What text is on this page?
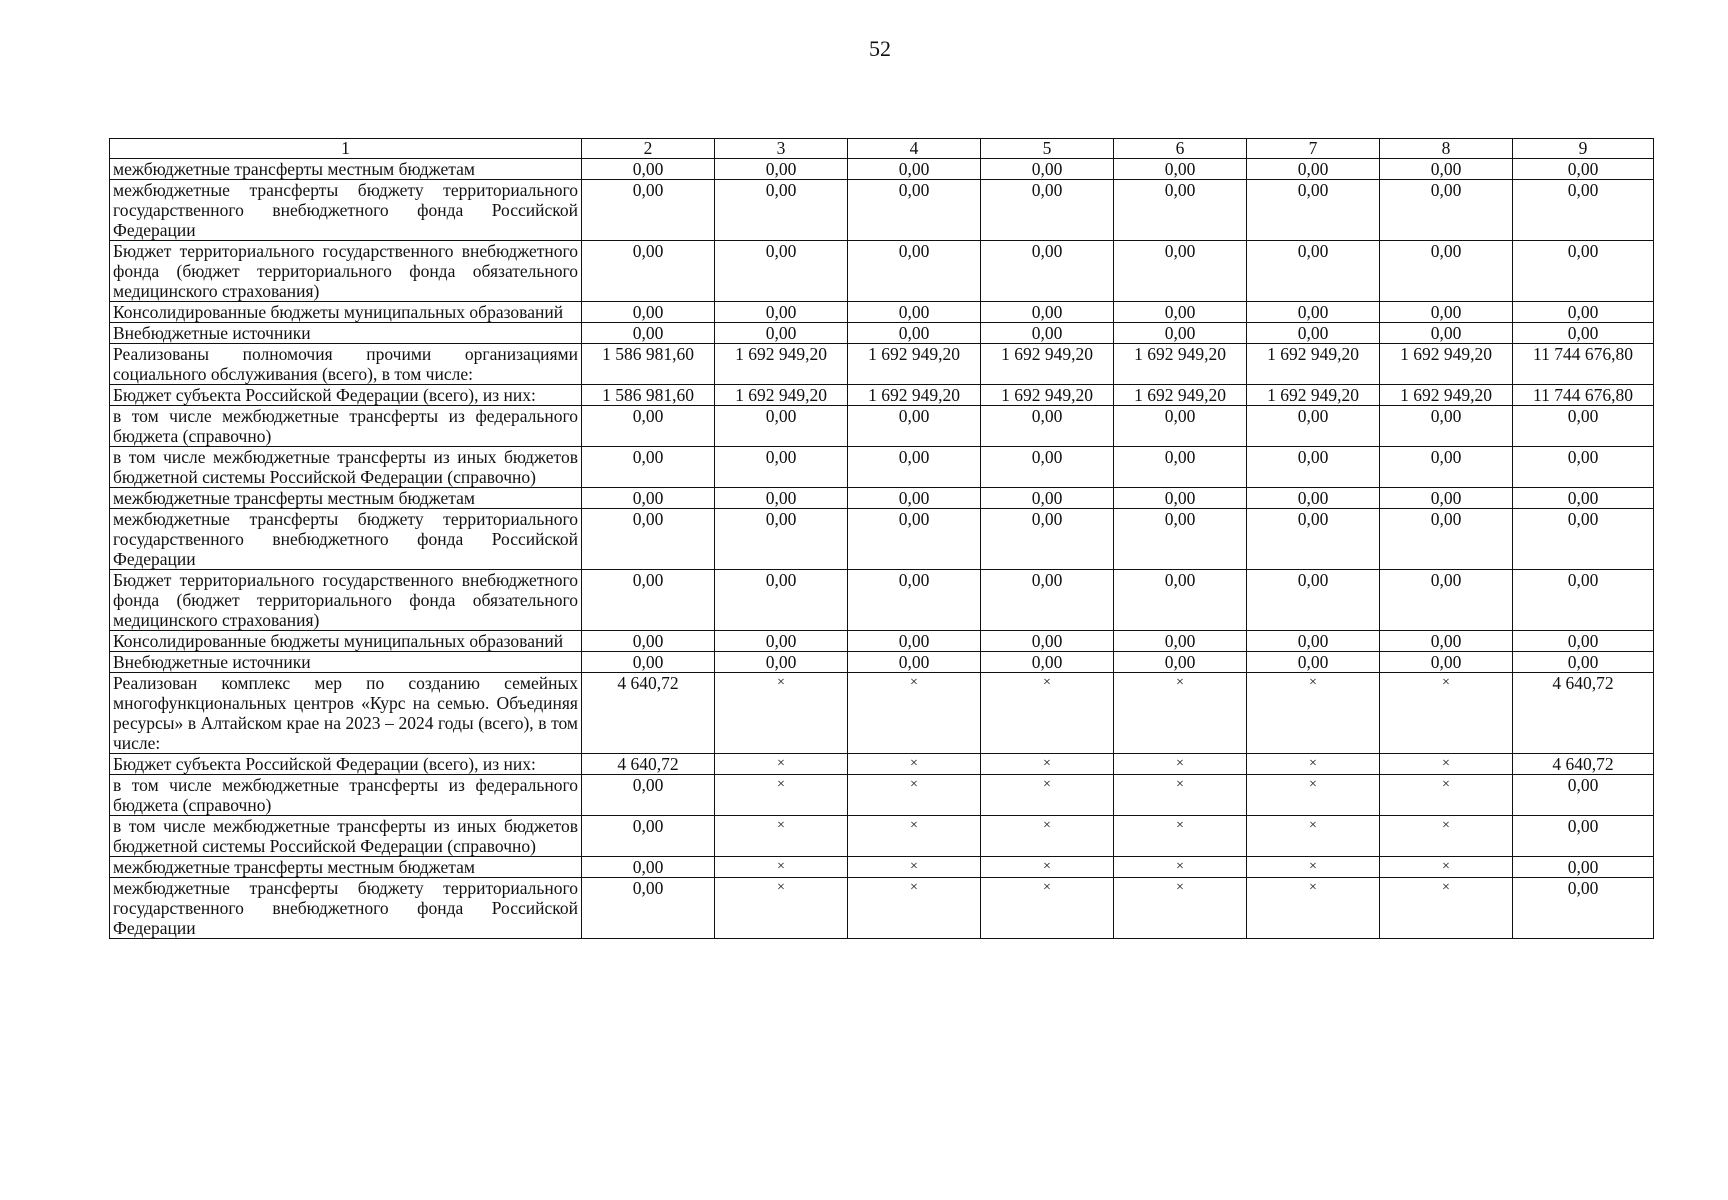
52
1	2	3	4	5	6	7	8	9
межбюджетные трансферты местным бюджетам	0,00	0,00	0,00	0,00	0,00	0,00	0,00	0,00
межбюджетные трансферты бюджету территориального государственного внебюджетного фонда Российской Федерации	0,00	0,00	0,00	0,00	0,00	0,00	0,00	0,00
Бюджет территориального государственного внебюджетного фонда (бюджет территориального фонда обязательного медицинского страхования)	0,00	0,00	0,00	0,00	0,00	0,00	0,00	0,00
Консолидированные бюджеты муниципальных образований	0,00	0,00	0,00	0,00	0,00	0,00	0,00	0,00
Внебюджетные источники	0,00	0,00	0,00	0,00	0,00	0,00	0,00	0,00
Реализованы полномочия прочими организациями социального обслуживания (всего), в том числе:	1 586 981,60	1 692 949,20	1 692 949,20	1 692 949,20	1 692 949,20	1 692 949,20	1 692 949,20	11 744 676,80
Бюджет субъекта Российской Федерации (всего), из них:	1 586 981,60	1 692 949,20	1 692 949,20	1 692 949,20	1 692 949,20	1 692 949,20	1 692 949,20	11 744 676,80
в том числе межбюджетные трансферты из федерального бюджета (справочно)	0,00	0,00	0,00	0,00	0,00	0,00	0,00	0,00
в том числе межбюджетные трансферты из иных бюджетов бюджетной системы Российской Федерации (справочно)	0,00	0,00	0,00	0,00	0,00	0,00	0,00	0,00
межбюджетные трансферты местным бюджетам	0,00	0,00	0,00	0,00	0,00	0,00	0,00	0,00
межбюджетные трансферты бюджету территориального государственного внебюджетного фонда Российской Федерации	0,00	0,00	0,00	0,00	0,00	0,00	0,00	0,00
Бюджет территориального государственного внебюджетного фонда (бюджет территориального фонда обязательного медицинского страхования)	0,00	0,00	0,00	0,00	0,00	0,00	0,00	0,00
Консолидированные бюджеты муниципальных образований	0,00	0,00	0,00	0,00	0,00	0,00	0,00	0,00
Внебюджетные источники	0,00	0,00	0,00	0,00	0,00	0,00	0,00	0,00
Реализован комплекс мер по созданию семейных многофункциональных центров «Курс на семью. Объединяя ресурсы» в Алтайском крае на 2023 – 2024 годы (всего), в том числе:	4 640,72	×	×	×	×	×	×	4 640,72
Бюджет субъекта Российской Федерации (всего), из них:	4 640,72	×	×	×	×	×	×	4 640,72
в том числе межбюджетные трансферты из федерального бюджета (справочно)	0,00	×	×	×	×	×	×	0,00
в том числе межбюджетные трансферты из иных бюджетов бюджетной системы Российской Федерации (справочно)	0,00	×	×	×	×	×	×	0,00
межбюджетные трансферты местным бюджетам	0,00	×	×	×	×	×	×	0,00
межбюджетные трансферты бюджету территориального государственного внебюджетного фонда Российской Федерации	0,00	×	×	×	×	×	×	0,00
